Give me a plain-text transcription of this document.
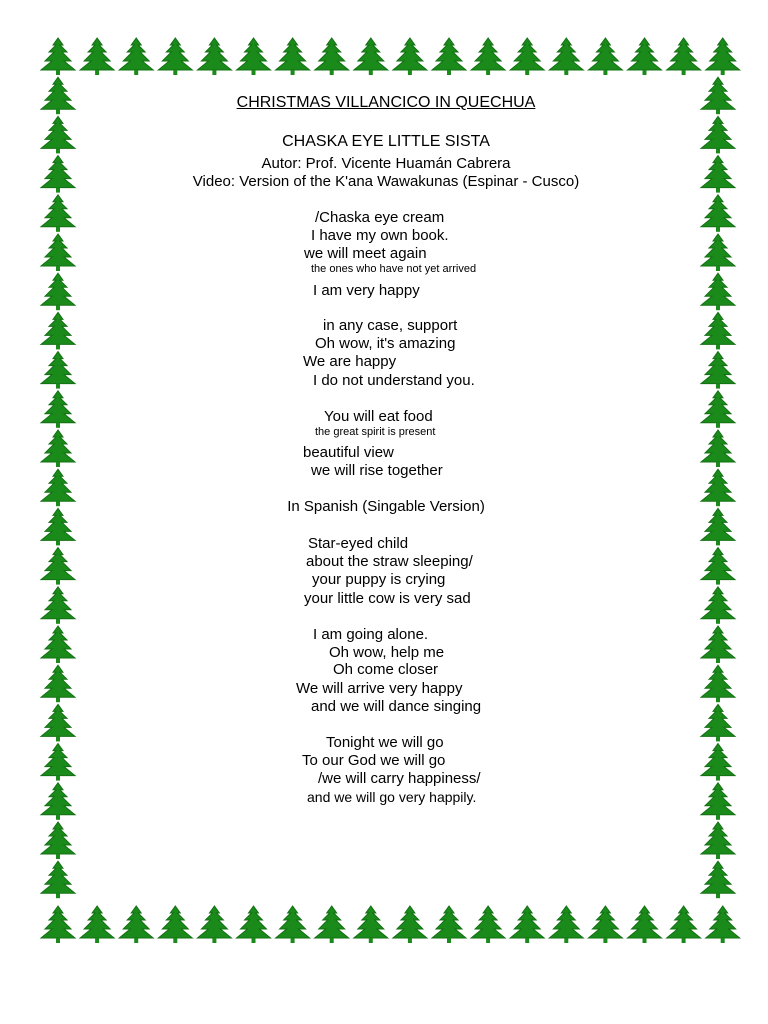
CHRISTMAS VILLANCICO IN QUECHUA
CHASKA EYE LITTLE SISTA
Autor: Prof. Vicente Huamán Cabrera
Video: Version of the K'ana Wawakunas (Espinar - Cusco)
/Chaska eye cream
I have my own book.
we will meet again
the ones who have not yet arrived
I am very happy
in any case, support
Oh wow, it's amazing
We are happy
I do not understand you.
You will eat food
the great spirit is present
beautiful view
we will rise together
In Spanish (Singable Version)
Star-eyed child
about the straw sleeping/
your puppy is crying
your little cow is very sad
I am going alone.
Oh wow, help me
Oh come closer
We will arrive very happy
and we will dance singing
Tonight we will go
To our God we will go
/we will carry happiness/
and we will go very happily.
